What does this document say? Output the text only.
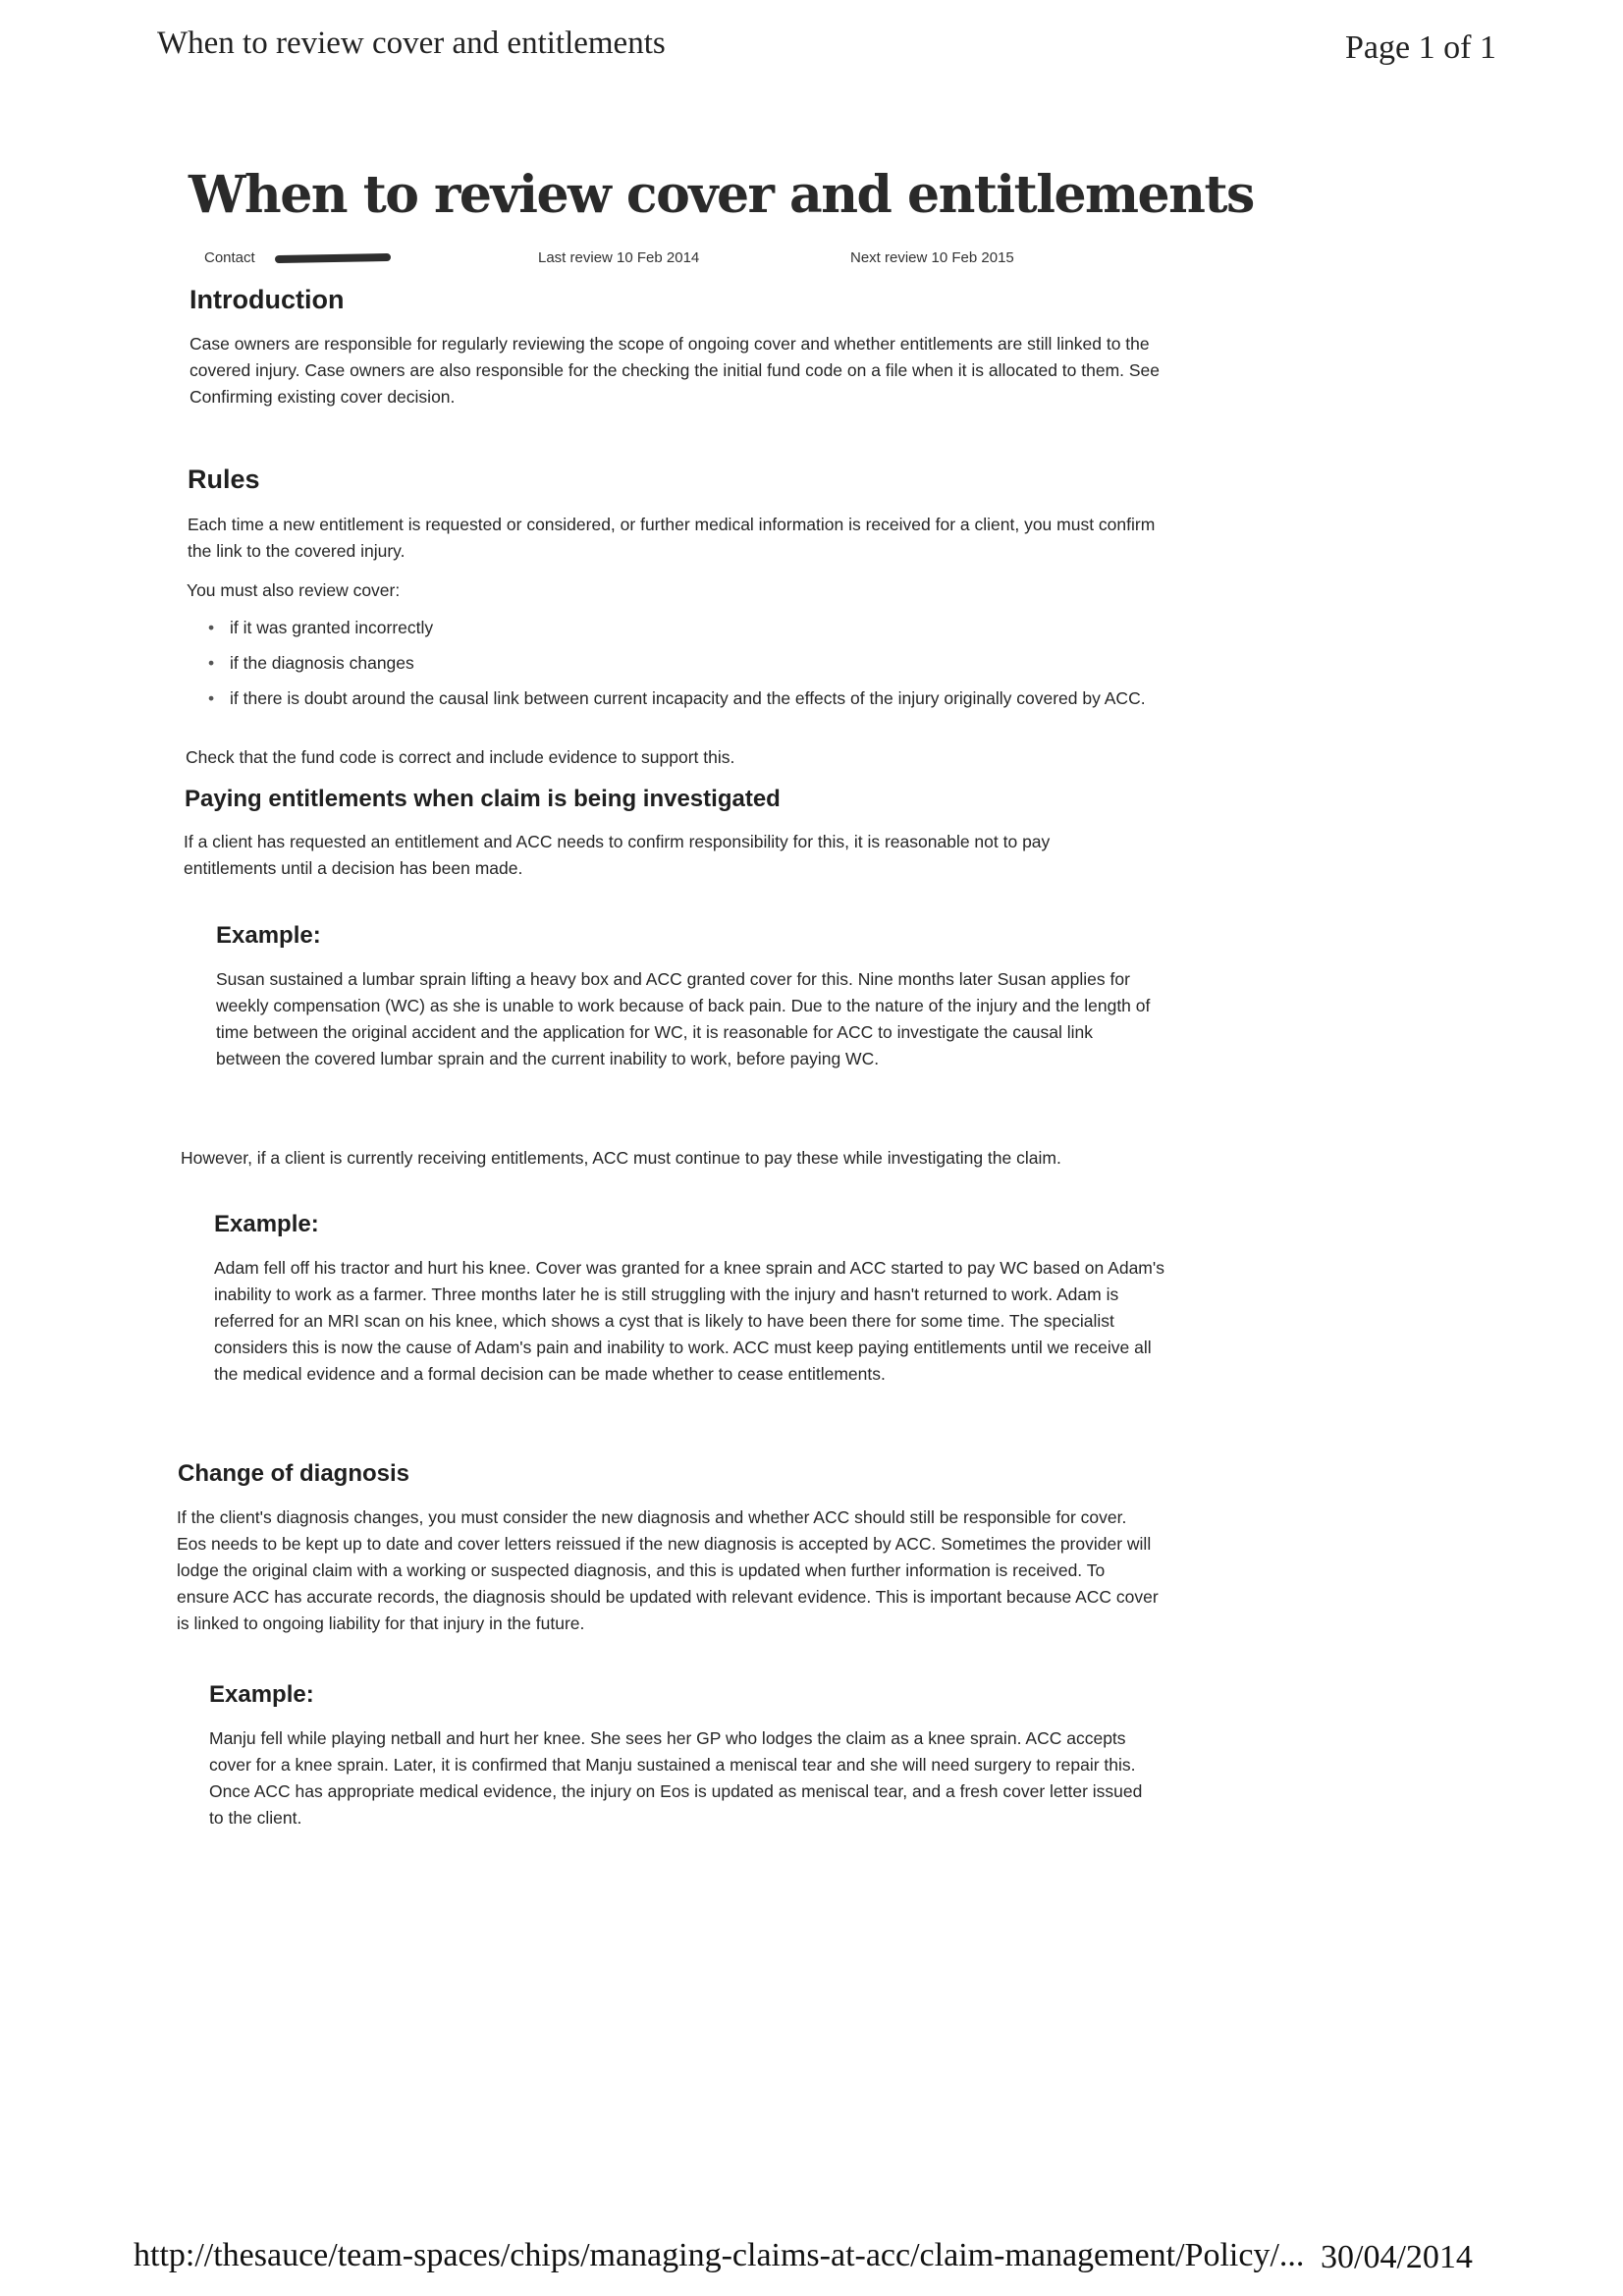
When to review cover and entitlements	Page 1 of 1
When to review cover and entitlements
Contact	Last review 10 Feb 2014	Next review 10 Feb 2015
Introduction

Case owners are responsible for regularly reviewing the scope of ongoing cover and whether entitlements are still linked to the covered injury. Case owners are also responsible for the checking the initial fund code on a file when it is allocated to them. See Confirming existing cover decision.

Rules

Each time a new entitlement is requested or considered, or further medical information is received for a client, you must confirm the link to the covered injury.

You must also review cover:

• if it was granted incorrectly
• if the diagnosis changes
• if there is doubt around the causal link between current incapacity and the effects of the injury originally covered by ACC.

Check that the fund code is correct and include evidence to support this.

Paying entitlements when claim is being investigated

If a client has requested an entitlement and ACC needs to confirm responsibility for this, it is reasonable not to pay entitlements until a decision has been made.

Example:

Susan sustained a lumbar sprain lifting a heavy box and ACC granted cover for this. Nine months later Susan applies for weekly compensation (WC) as she is unable to work because of back pain. Due to the nature of the injury and the length of time between the original accident and the application for WC, it is reasonable for ACC to investigate the causal link between the covered lumbar sprain and the current inability to work, before paying WC.

However, if a client is currently receiving entitlements, ACC must continue to pay these while investigating the claim.

Example:

Adam fell off his tractor and hurt his knee. Cover was granted for a knee sprain and ACC started to pay WC based on Adam's inability to work as a farmer. Three months later he is still struggling with the injury and hasn't returned to work. Adam is referred for an MRI scan on his knee, which shows a cyst that is likely to have been there for some time. The specialist considers this is now the cause of Adam's pain and inability to work. ACC must keep paying entitlements until we receive all the medical evidence and a formal decision can be made whether to cease entitlements.

Change of diagnosis

If the client's diagnosis changes, you must consider the new diagnosis and whether ACC should still be responsible for cover. Eos needs to be kept up to date and cover letters reissued if the new diagnosis is accepted by ACC. Sometimes the provider will lodge the original claim with a working or suspected diagnosis, and this is updated when further information is received. To ensure ACC has accurate records, the diagnosis should be updated with relevant evidence. This is important because ACC cover is linked to ongoing liability for that injury in the future.

Example:

Manju fell while playing netball and hurt her knee. She sees her GP who lodges the claim as a knee sprain. ACC accepts cover for a knee sprain. Later, it is confirmed that Manju sustained a meniscal tear and she will need surgery to repair this. Once ACC has appropriate medical evidence, the injury on Eos is updated as meniscal tear, and a fresh cover letter issued to the client.

http://thesauce/team-spaces/chips/managing-claims-at-acc/claim-management/Policy/... 30/04/2014
